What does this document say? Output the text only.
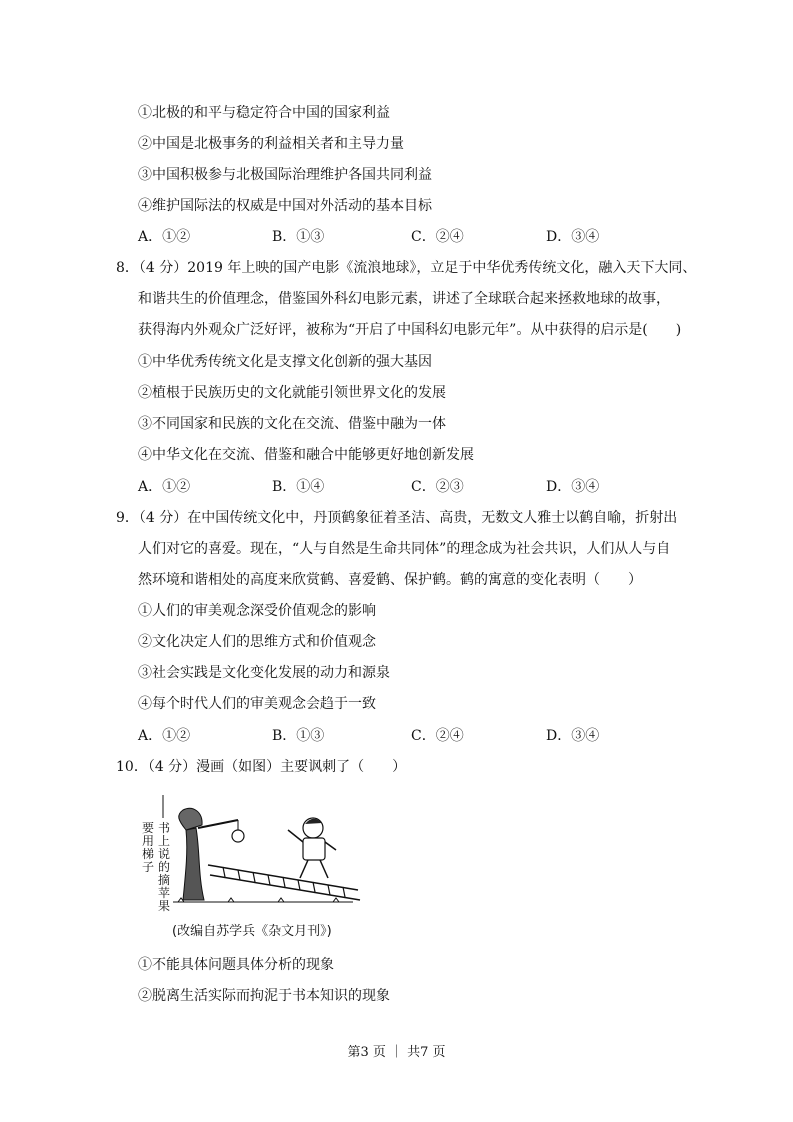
①北极的和平与稳定符合中国的国家利益
②中国是北极事务的利益相关者和主导力量
③中国积极参与北极国际治理维护各国共同利益
④维护国际法的权威是中国对外活动的基本目标
A．①②	B．①③	C．②④	D．③④
8．（4 分）2019 年上映的国产电影《流浪地球》，立足于中华优秀传统文化，融入天下大同、
和谐共生的价值理念，借鉴国外科幻电影元素，讲述了全球联合起来拯救地球的故事，
获得海内外观众广泛好评，被称为“开启了中国科幻电影元年”。从中获得的启示是(　　)
①中华优秀传统文化是支撑文化创新的强大基因
②植根于民族历史的文化就能引领世界文化的发展
③不同国家和民族的文化在交流、借鉴中融为一体
④中华文化在交流、借鉴和融合中能够更好地创新发展
A．①②	B．①④	C．②③	D．③④
9．（4 分）在中国传统文化中，丹顶鹤象征着圣洁、高贵，无数文人雅士以鹤自喻，折射出
人们对它的喜爱。现在，“人与自然是生命共同体”的理念成为社会共识，人们从人与自
然环境和谐相处的高度来欣赏鹤、喜爱鹤、保护鹤。鹤的寓意的变化表明（　　）
①人们的审美观念深受价值观念的影响
②文化决定人们的思维方式和价值观念
③社会实践是文化变化发展的动力和源泉
④每个时代人们的审美观念会趋于一致
A．①②	B．①③	C．②④	D．③④
10．（4 分）漫画（如图）主要讽刺了（　　）
要用梯子
书上说的摘苹果
(改编自苏学兵《杂文月刊》)
①不能具体问题具体分析的现象
②脱离生活实际而拘泥于书本知识的现象
第3 页 ｜ 共7 页
